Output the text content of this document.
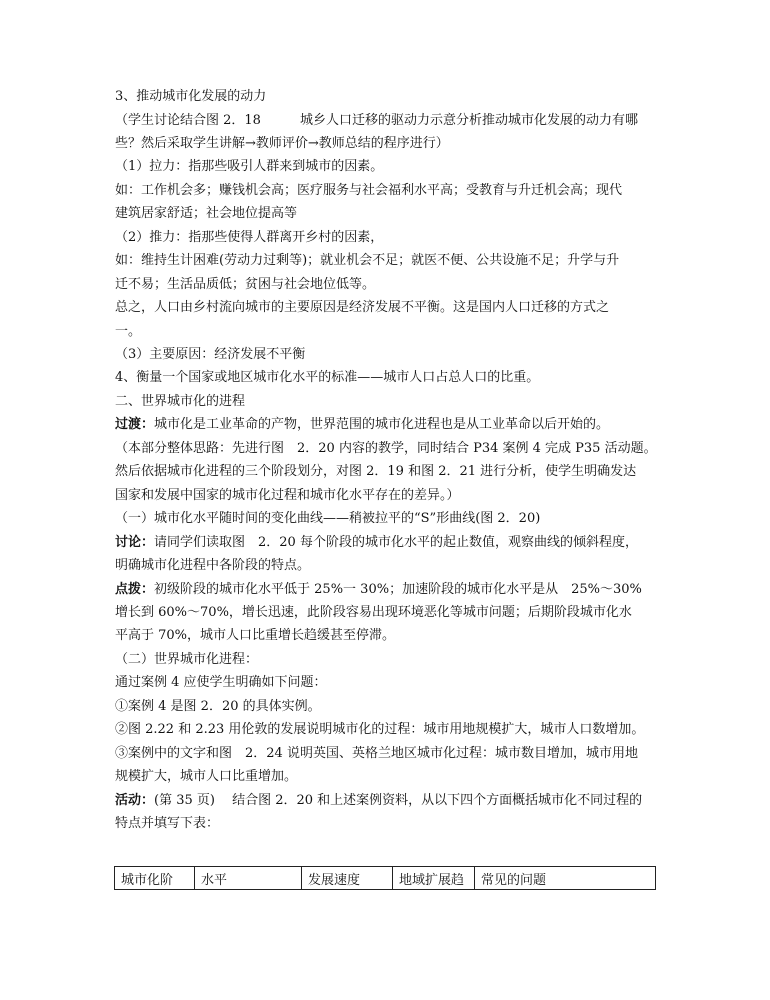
3、推动城市化发展的动力
（学生讨论结合图 2．18　　　城乡人口迁移的驱动力示意分析推动城市化发展的动力有哪
些？然后采取学生讲解→教师评价→教师总结的程序进行）
（1）拉力：指那些吸引人群来到城市的因素。
如：工作机会多；赚钱机会高；医疗服务与社会福利水平高；受教育与升迁机会高；现代
建筑居家舒适；社会地位提高等
（2）推力：指那些使得人群离开乡村的因素，
如：维持生计困难(劳动力过剩等)；就业机会不足；就医不便、公共设施不足；升学与升
迁不易；生活品质低；贫困与社会地位低等。
总之，人口由乡村流向城市的主要原因是经济发展不平衡。这是国内人口迁移的方式之
一。
（3）主要原因：经济发展不平衡
4、衡量一个国家或地区城市化水平的标准——城市人口占总人口的比重。
二、世界城市化的进程
过渡：城市化是工业革命的产物，世界范围的城市化进程也是从工业革命以后开始的。
（本部分整体思路：先进行图　2．20 内容的教学，同时结合 P34 案例 4 完成 P35 活动题。
然后依据城市化进程的三个阶段划分，对图 2．19 和图 2．21 进行分析，使学生明确发达
国家和发展中国家的城市化过程和城市化水平存在的差异。）
（一）城市化水平随时间的变化曲线——稍被拉平的“S”形曲线(图 2．20)
讨论：请同学们读取图　2．20 每个阶段的城市化水平的起止数值，观察曲线的倾斜程度，
明确城市化进程中各阶段的特点。
点拨：初级阶段的城市化水平低于 25%一 30%；加速阶段的城市化水平是从　25%～30%
增长到 60%～70%，增长迅速，此阶段容易出现环境恶化等城市问题；后期阶段城市化水
平高于 70%，城市人口比重增长趋缓甚至停滞。
（二）世界城市化进程：
通过案例 4 应使学生明确如下问题：
①案例 4 是图 2．20 的具体实例。
②图 2.22 和 2.23 用伦敦的发展说明城市化的过程：城市用地规模扩大，城市人口数增加。
③案例中的文字和图　2．24 说明英国、英格兰地区城市化过程：城市数目增加，城市用地
规模扩大，城市人口比重增加。
活动：(第 35 页)　 结合图 2．20 和上述案例资料，从以下四个方面概括城市化不同过程的
特点并填写下表：
城市化阶	水平	发展速度	地域扩展趋	常见的问题
